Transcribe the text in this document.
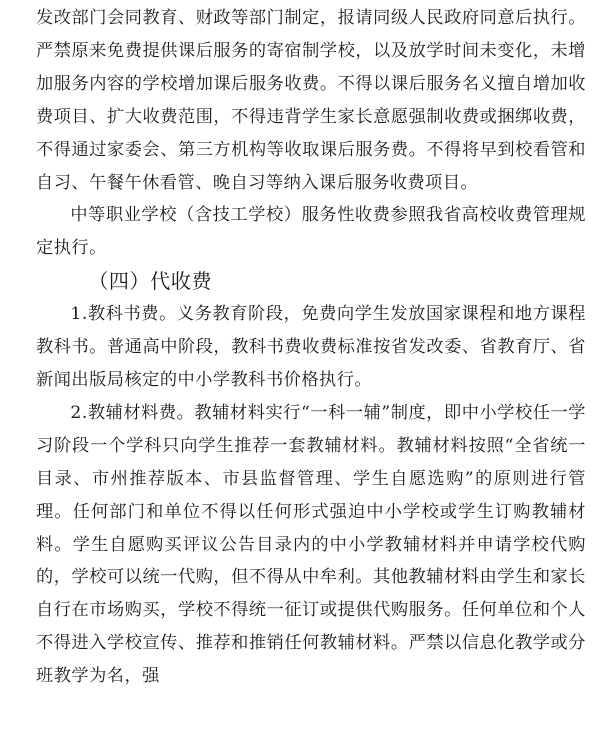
发改部门会同教育、财政等部门制定，报请同级人民政府同意后执行。严禁原来免费提供课后服务的寄宿制学校，以及放学时间未变化，未增加服务内容的学校增加课后服务收费。不得以课后服务名义擅自增加收费项目、扩大收费范围，不得违背学生家长意愿强制收费或捆绑收费，不得通过家委会、第三方机构等收取课后服务费。不得将早到校看管和自习、午餐午休看管、晚自习等纳入课后服务收费项目。

中等职业学校（含技工学校）服务性收费参照我省高校收费管理规定执行。

（四）代收费

1.教科书费。义务教育阶段，免费向学生发放国家课程和地方课程教科书。普通高中阶段，教科书费收费标准按省发改委、省教育厅、省新闻出版局核定的中小学教科书价格执行。

2.教辅材料费。教辅材料实行“一科一辅”制度，即中小学校任一学习阶段一个学科只向学生推荐一套教辅材料。教辅材料按照“全省统一目录、市州推荐版本、市县监督管理、学生自愿选购”的原则进行管理。任何部门和单位不得以任何形式强迫中小学校或学生订购教辅材料。学生自愿购买评议公告目录内的中小学教辅材料并申请学校代购的，学校可以统一代购，但不得从中牟利。其他教辅材料由学生和家长自行在市场购买，学校不得统一征订或提供代购服务。任何单位和个人不得进入学校宣传、推荐和推销任何教辅材料。严禁以信息化教学或分班教学为名，强
